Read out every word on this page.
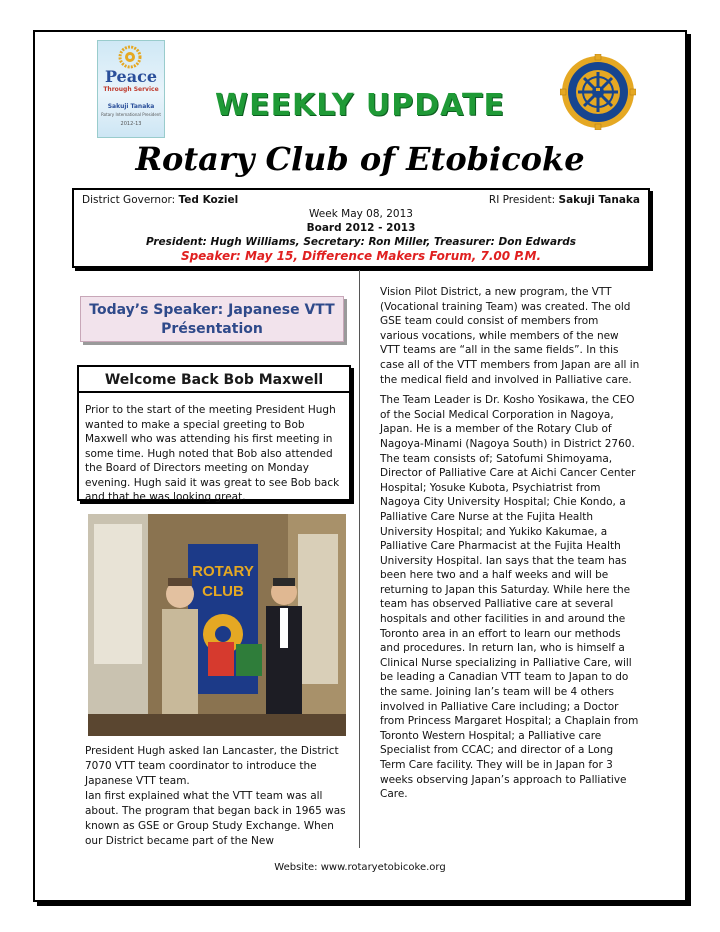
Peace
Through Service
Sakuji Tanaka
Rotary International President
2012-13
WEEKLY UPDATE
Rotary Club of Etobicoke
District Governor: Ted Koziel	RI President: Sakuji Tanaka
Week May 08, 2013
Board 2012 - 2013
President: Hugh Williams, Secretary: Ron Miller, Treasurer: Don Edwards
Speaker: May 15, Difference Makers Forum, 7.00 P.M.
Today’s Speaker: Japanese VTT
Présentation
Welcome Back Bob Maxwell
Prior to the start of the meeting President Hugh wanted to make a special greeting to Bob Maxwell who was attending his first meeting in some time. Hugh noted that Bob also attended the Board of Directors meeting on Monday evening. Hugh said it was great to see Bob back and that he was looking great.
ROTARY
CLUB
President Hugh asked Ian Lancaster, the District 7070 VTT team coordinator to introduce the Japanese VTT team.
Ian first explained what the VTT team was all about. The program that began back in 1965 was known as GSE or Group Study Exchange. When our District became part of the New

Vision Pilot District, a new program, the VTT (Vocational training Team) was created. The old GSE team could consist of members from various vocations, while members of the new VTT teams are “all in the same fields”. In this case all of the VTT members from Japan are all in the medical field and involved in Palliative care.

The Team Leader is Dr. Kosho Yosikawa, the CEO of the Social Medical Corporation in Nagoya, Japan. He is a member of the Rotary Club of Nagoya-Minami (Nagoya South) in District 2760. The team consists of; Satofumi Shimoyama, Director of Palliative Care at Aichi Cancer Center Hospital; Yosuke Kubota, Psychiatrist from Nagoya City University Hospital; Chie Kondo, a Palliative Care Nurse at the Fujita Health University Hospital; and Yukiko Kakumae, a Palliative Care Pharmacist at the Fujita Health University Hospital. Ian says that the team has been here two and a half weeks and will be returning to Japan this Saturday. While here the team has observed Palliative care at several hospitals and other facilities in and around the Toronto area in an effort to learn our methods and procedures. In return Ian, who is himself a Clinical Nurse specializing in Palliative Care, will be leading a Canadian VTT team to Japan to do the same. Joining Ian’s team will be 4 others involved in Palliative Care including; a Doctor from Princess Margaret Hospital; a Chaplain from Toronto Western Hospital; a Palliative care Specialist from CCAC; and director of a Long Term Care facility. They will be in Japan for 3 weeks observing Japan’s approach to Palliative Care.

Website: www.rotaryetobicoke.org
